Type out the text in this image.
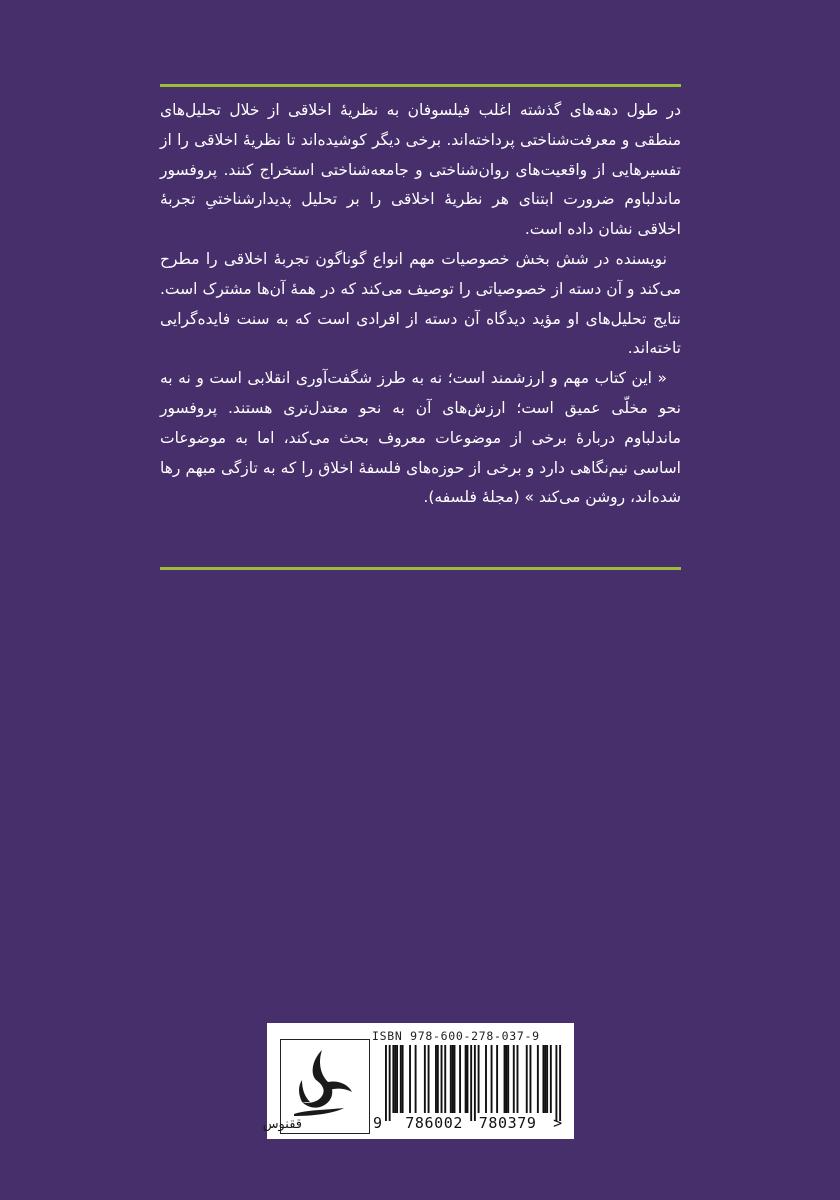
در طول دهه‌های گذشته اغلب فیلسوفان به نظریهٔ اخلاقی از خلال تحلیل‌های منطقی و معرفت‌شناختی پرداخته‌اند. برخی دیگر کوشیده‌اند تا نظریهٔ اخلاقی را از تفسیرهایی از واقعیت‌های روان‌شناختی و جامعه‌شناختی استخراج کنند. پروفسور ماندلباوم ضرورت ابتنای هر نظریهٔ اخلاقی را بر تحلیل پدیدارشناختیِ تجربهٔ اخلاقی نشان داده است.

نویسنده در شش بخش خصوصیات مهم انواع گوناگون تجربهٔ اخلاقی را مطرح می‌کند و آن دسته از خصوصیاتی را توصیف می‌کند که در همهٔ آن‌ها مشترک است. نتایج تحلیل‌های او مؤید دیدگاه آن دسته از افرادی است که به سنت فایده‌گرایی تاخته‌اند.

« این کتاب مهم و ارزشمند است؛ نه به طرز شگفت‌آوری انقلابی است و نه به نحو مخلّی عمیق است؛ ارزش‌های آن به نحو معتدل‌تری هستند. پروفسور ماندلباوم دربارهٔ برخی از موضوعات معروف بحث می‌کند، اما به موضوعات اساسی نیم‌نگاهی دارد و برخی از حوزه‌های فلسفهٔ اخلاق را که به تازگی مبهم رها شده‌اند، روشن می‌کند » (مجلهٔ فلسفه).

ققنوس
ISBN 978-600-278-037-9
9 786002 780379 >
